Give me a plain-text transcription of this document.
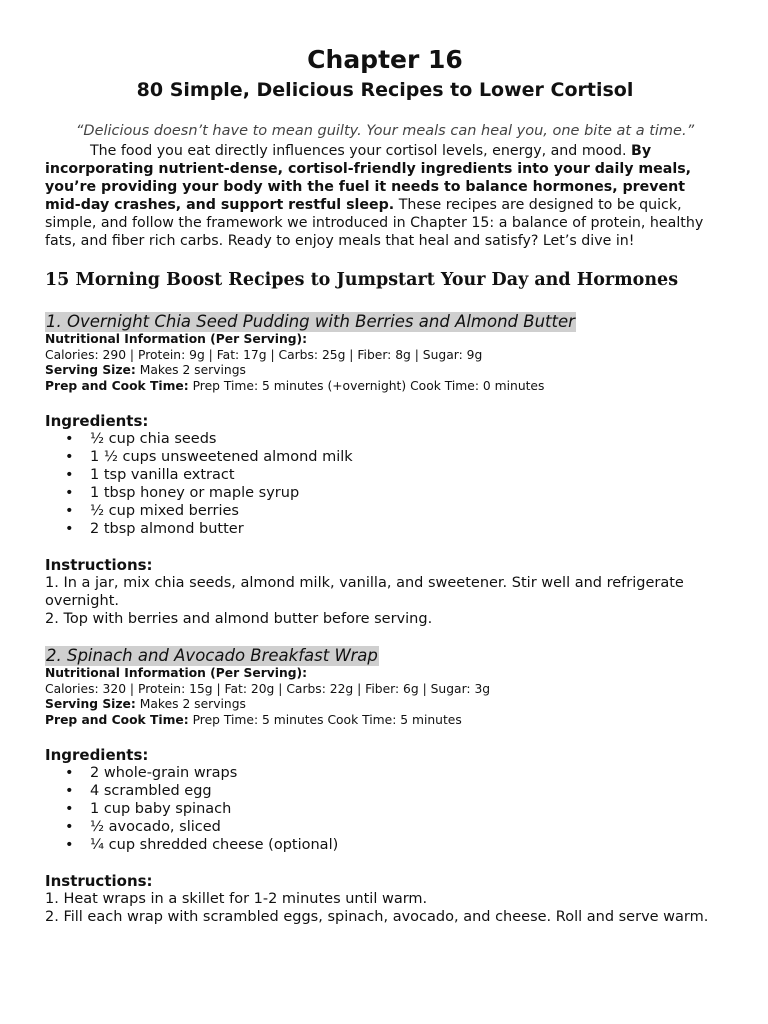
Chapter 16
80 Simple, Delicious Recipes to Lower Cortisol

“Delicious doesn’t have to mean guilty. Your meals can heal you, one bite at a time.”

The food you eat directly influences your cortisol levels, energy, and mood. By incorporating nutrient-dense, cortisol-friendly ingredients into your daily meals, you’re providing your body with the fuel it needs to balance hormones, prevent mid-day crashes, and support restful sleep. These recipes are designed to be quick, simple, and follow the framework we introduced in Chapter 15: a balance of protein, healthy fats, and fiber rich carbs. Ready to enjoy meals that heal and satisfy? Let’s dive in!

15 Morning Boost Recipes to Jumpstart Your Day and Hormones
1. Overnight Chia Seed Pudding with Berries and Almond Butter

Nutritional Information (Per Serving):

Calories: 290 | Protein: 9g | Fat: 17g | Carbs: 25g | Fiber: 8g | Sugar: 9g

Serving Size: Makes 2 servings

Prep and Cook Time: Prep Time: 5 minutes (+overnight) Cook Time: 0 minutes

Ingredients:

• ½ cup chia seeds
• 1 ½ cups unsweetened almond milk
• 1 tsp vanilla extract
• 1 tbsp honey or maple syrup
• ½ cup mixed berries
• 2 tbsp almond butter

Instructions:

1. In a jar, mix chia seeds, almond milk, vanilla, and sweetener. Stir well and refrigerate overnight.

2. Top with berries and almond butter before serving.

2. Spinach and Avocado Breakfast Wrap

Nutritional Information (Per Serving):

Calories: 320 | Protein: 15g | Fat: 20g | Carbs: 22g | Fiber: 6g | Sugar: 3g

Serving Size: Makes 2 servings

Prep and Cook Time: Prep Time: 5 minutes Cook Time: 5 minutes

Ingredients:

• 2 whole-grain wraps
• 4 scrambled egg
• 1 cup baby spinach
• ½ avocado, sliced
• ¼ cup shredded cheese (optional)

Instructions:

1. Heat wraps in a skillet for 1-2 minutes until warm.

2. Fill each wrap with scrambled eggs, spinach, avocado, and cheese. Roll and serve warm.
